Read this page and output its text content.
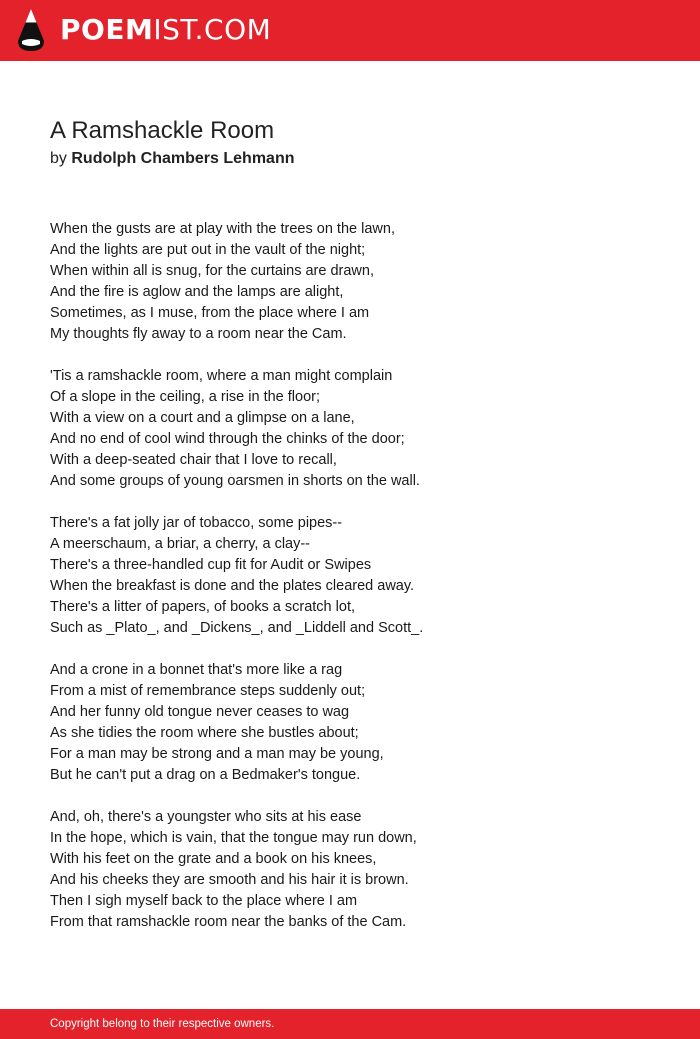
POEMIST.COM
A Ramshackle Room
by Rudolph Chambers Lehmann
When the gusts are at play with the trees on the lawn,
And the lights are put out in the vault of the night;
When within all is snug, for the curtains are drawn,
And the fire is aglow and the lamps are alight,
Sometimes, as I muse, from the place where I am
My thoughts fly away to a room near the Cam.
'Tis a ramshackle room, where a man might complain
Of a slope in the ceiling, a rise in the floor;
With a view on a court and a glimpse on a lane,
And no end of cool wind through the chinks of the door;
With a deep-seated chair that I love to recall,
And some groups of young oarsmen in shorts on the wall.
There's a fat jolly jar of tobacco, some pipes--
A meerschaum, a briar, a cherry, a clay--
There's a three-handled cup fit for Audit or Swipes
When the breakfast is done and the plates cleared away.
There's a litter of papers, of books a scratch lot,
Such as _Plato_, and _Dickens_, and _Liddell and Scott_.
And a crone in a bonnet that's more like a rag
From a mist of remembrance steps suddenly out;
And her funny old tongue never ceases to wag
As she tidies the room where she bustles about;
For a man may be strong and a man may be young,
But he can't put a drag on a Bedmaker's tongue.
And, oh, there's a youngster who sits at his ease
In the hope, which is vain, that the tongue may run down,
With his feet on the grate and a book on his knees,
And his cheeks they are smooth and his hair it is brown.
Then I sigh myself back to the place where I am
From that ramshackle room near the banks of the Cam.
Copyright belong to their respective owners.
